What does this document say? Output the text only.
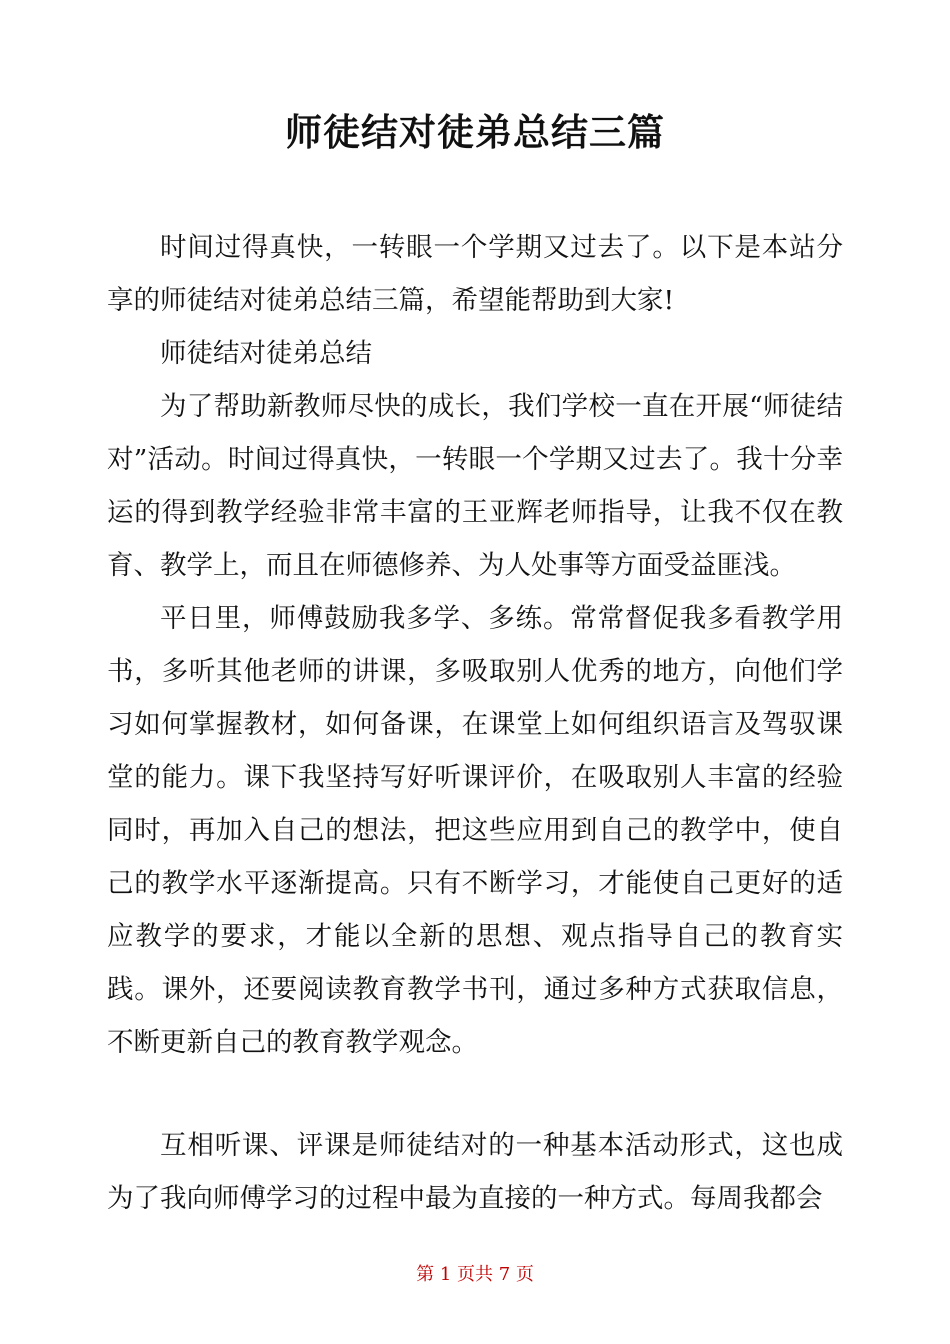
师徒结对徒弟总结三篇

时间过得真快，一转眼一个学期又过去了。以下是本站分享的师徒结对徒弟总结三篇，希望能帮助到大家!

师徒结对徒弟总结

为了帮助新教师尽快的成长，我们学校一直在开展“师徒结对”活动。时间过得真快，一转眼一个学期又过去了。我十分幸运的得到教学经验非常丰富的王亚辉老师指导，让我不仅在教育、教学上，而且在师德修养、为人处事等方面受益匪浅。

平日里，师傅鼓励我多学、多练。常常督促我多看教学用书，多听其他老师的讲课，多吸取别人优秀的地方，向他们学习如何掌握教材，如何备课，在课堂上如何组织语言及驾驭课堂的能力。课下我坚持写好听课评价，在吸取别人丰富的经验同时，再加入自己的想法，把这些应用到自己的教学中，使自己的教学水平逐渐提高。只有不断学习，才能使自己更好的适应教学的要求，才能以全新的思想、观点指导自己的教育实践。课外，还要阅读教育教学书刊，通过多种方式获取信息，不断更新自己的教育教学观念。

互相听课、评课是师徒结对的一种基本活动形式，这也成为了我向师傅学习的过程中最为直接的一种方式。每周我都会

第 1 页共 7 页
